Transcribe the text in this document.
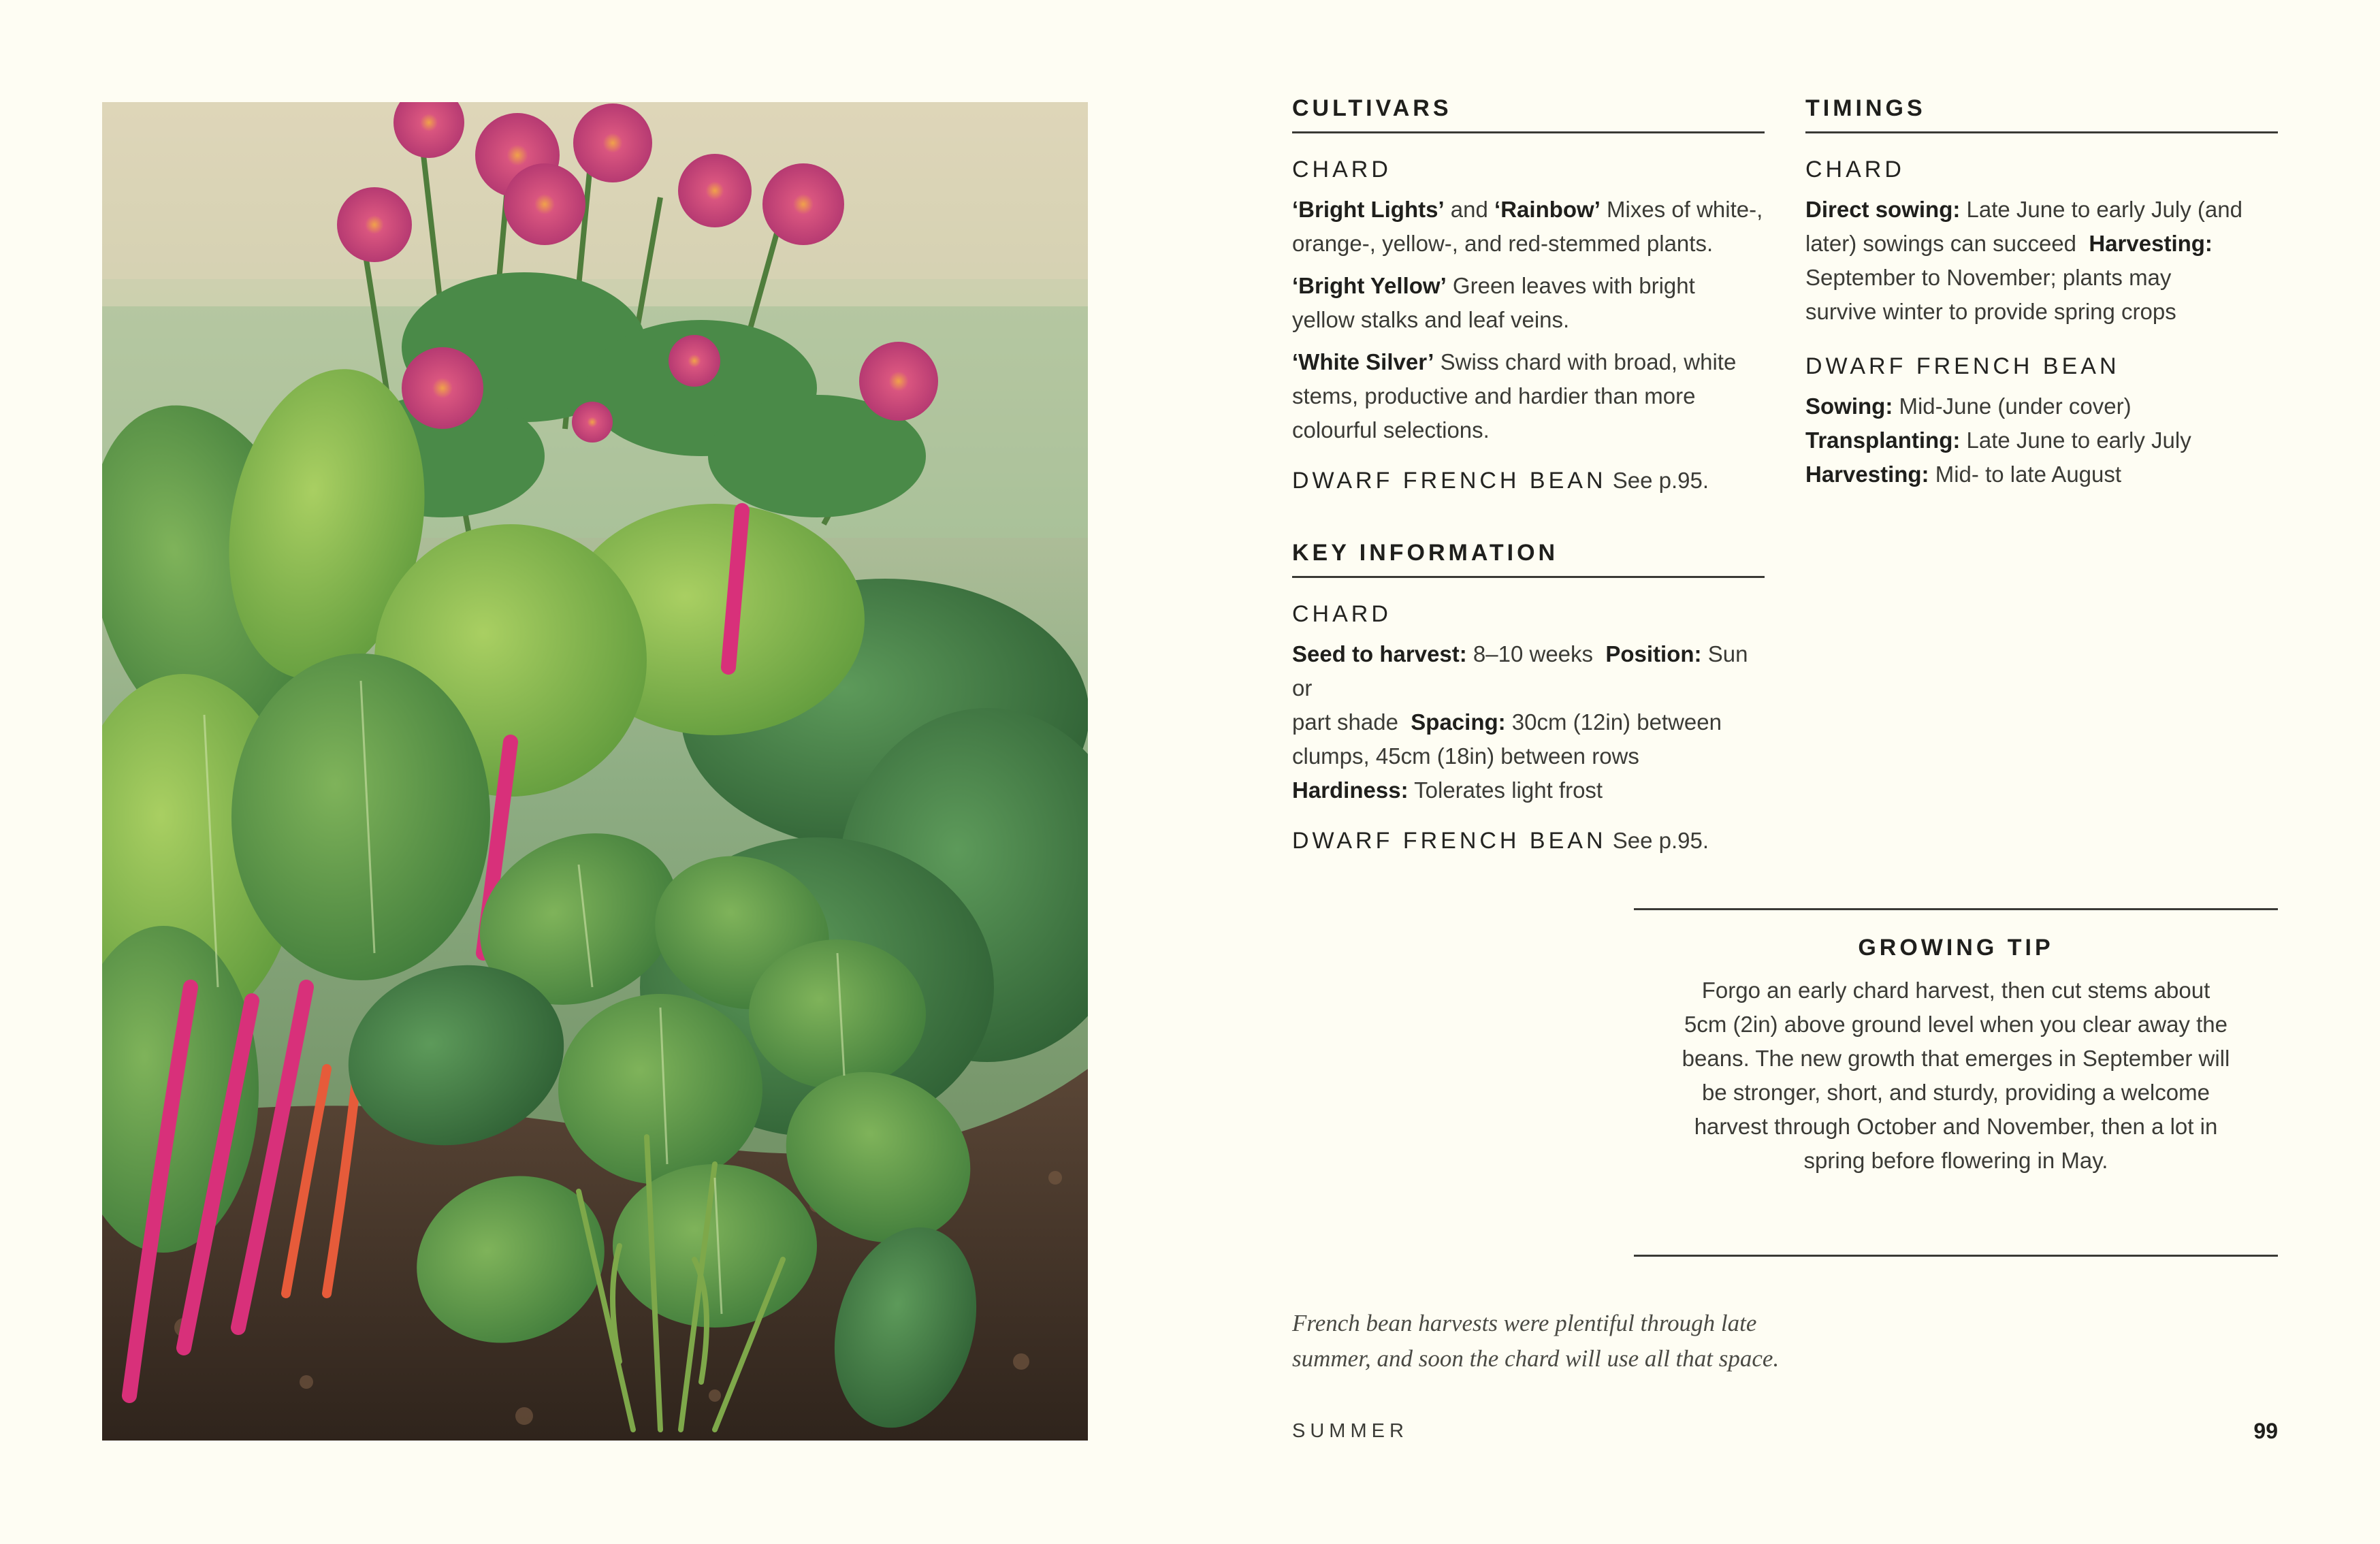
CULTIVARS
CHARD

‘Bright Lights’ and ‘Rainbow’ Mixes of white-,
orange-, yellow-, and red-stemmed plants.

‘Bright Yellow’ Green leaves with bright
yellow stalks and leaf veins.

‘White Silver’ Swiss chard with broad, white
stems, productive and hardier than more
colourful selections.

DWARF FRENCH BEAN See p.95.
KEY INFORMATION
CHARD

Seed to harvest: 8–10 weeks  Position: Sun or
part shade  Spacing: 30cm (12in) between
clumps, 45cm (18in) between rows
Hardiness: Tolerates light frost

DWARF FRENCH BEAN See p.95.
TIMINGS
CHARD

Direct sowing: Late June to early July (and
later) sowings can succeed  Harvesting:
September to November; plants may
survive winter to provide spring crops

DWARF FRENCH BEAN

Sowing: Mid-June (under cover)
Transplanting: Late June to early July
Harvesting: Mid- to late August

GROWING TIP
Forgo an early chard harvest, then cut stems about
5cm (2in) above ground level when you clear away the
beans. The new growth that emerges in September will
be stronger, short, and sturdy, providing a welcome
harvest through October and November, then a lot in
spring before flowering in May.
French bean harvests were plentiful through late
summer, and soon the chard will use all that space.
SUMMER	99
